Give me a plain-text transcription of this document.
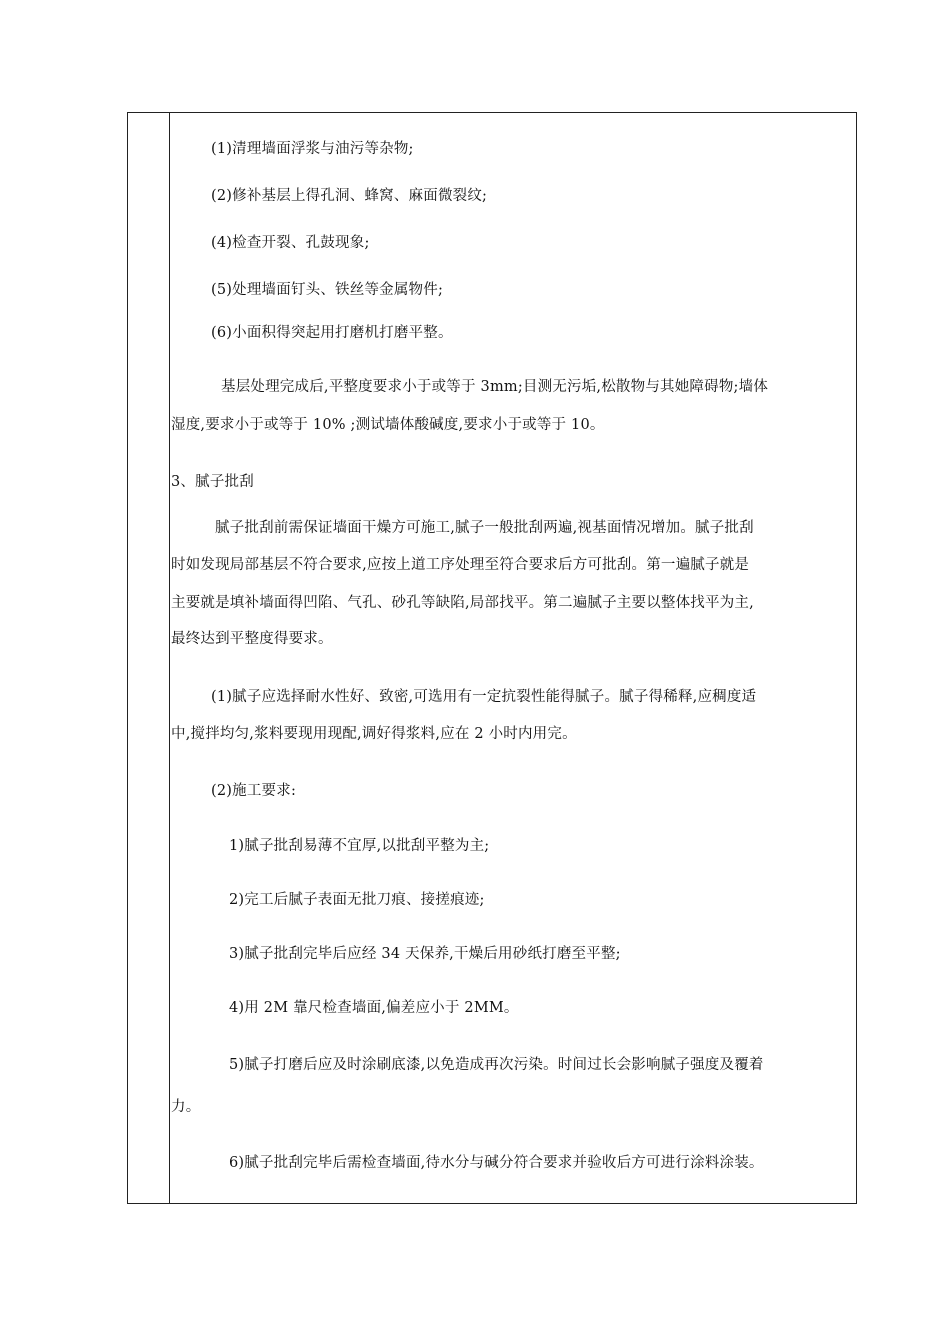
(1)清理墙面浮浆与油污等杂物;
(2)修补基层上得孔洞、蜂窝、麻面微裂纹;
(4)检查开裂、孔鼓现象;
(5)处理墙面钉头、铁丝等金属物件;
(6)小面积得突起用打磨机打磨平整。
基层处理完成后,平整度要求小于或等于 3mm;目测无污垢,松散物与其她障碍物;墙体
湿度,要求小于或等于 10% ;测试墙体酸碱度,要求小于或等于 10。
3、腻子批刮
腻子批刮前需保证墙面干燥方可施工,腻子一般批刮两遍,视基面情况增加。腻子批刮
时如发现局部基层不符合要求,应按上道工序处理至符合要求后方可批刮。第一遍腻子就是
主要就是填补墙面得凹陷、气孔、砂孔等缺陷,局部找平。第二遍腻子主要以整体找平为主,
最终达到平整度得要求。
(1)腻子应选择耐水性好、致密,可选用有一定抗裂性能得腻子。腻子得稀释,应稠度适
中,搅拌均匀,浆料要现用现配,调好得浆料,应在 2 小时内用完。
(2)施工要求:
1)腻子批刮易薄不宜厚,以批刮平整为主;
2)完工后腻子表面无批刀痕、接搓痕迹;
3)腻子批刮完毕后应经 34 天保养,干燥后用砂纸打磨至平整;
4)用 2M 靠尺检查墙面,偏差应小于 2MM。
5)腻子打磨后应及时涂刷底漆,以免造成再次污染。时间过长会影响腻子强度及覆着
力。
6)腻子批刮完毕后需检查墙面,待水分与碱分符合要求并验收后方可进行涂料涂装。
